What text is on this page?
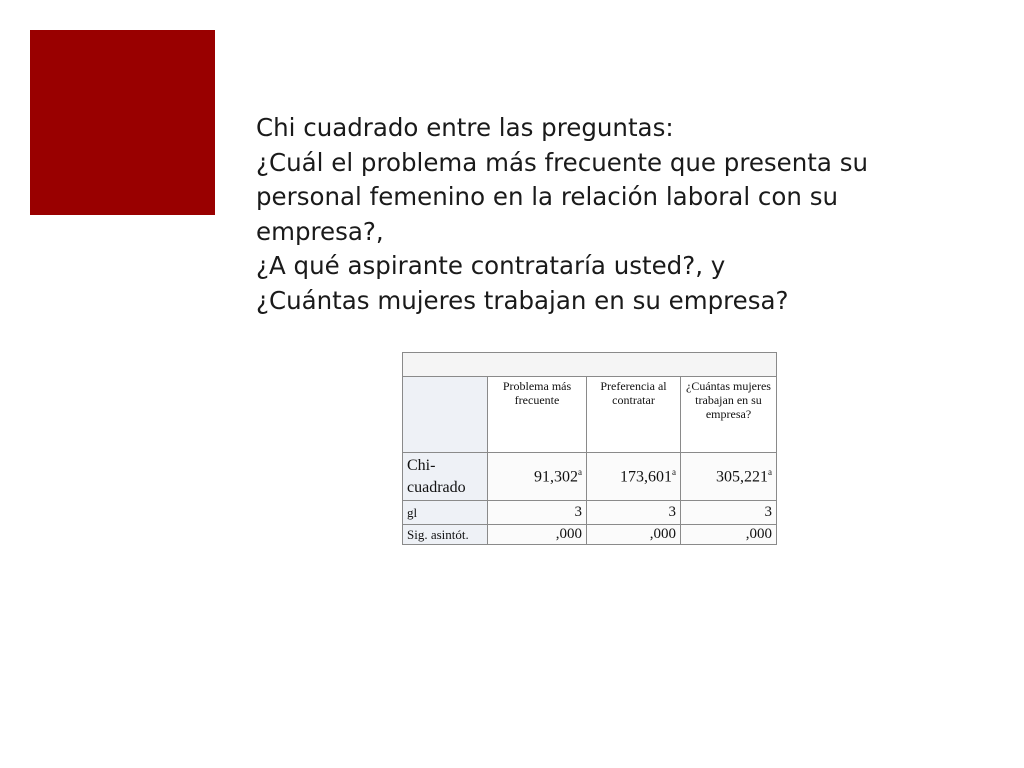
Chi cuadrado entre las preguntas:
¿Cuál el problema más frecuente que presenta su
personal femenino en la relación laboral con su
empresa?,
¿A qué aspirante contrataría usted?, y
¿Cuántas mujeres trabajan en su empresa?

	Problema más frecuente	Preferencia al contratar	¿Cuántas mujeres trabajan en su empresa?
Chi-cuadrado	91,302$^a$	173,601$^a$	305,221$^a$
gl	3	3	3
Sig. asintót.	,000	,000	,000
